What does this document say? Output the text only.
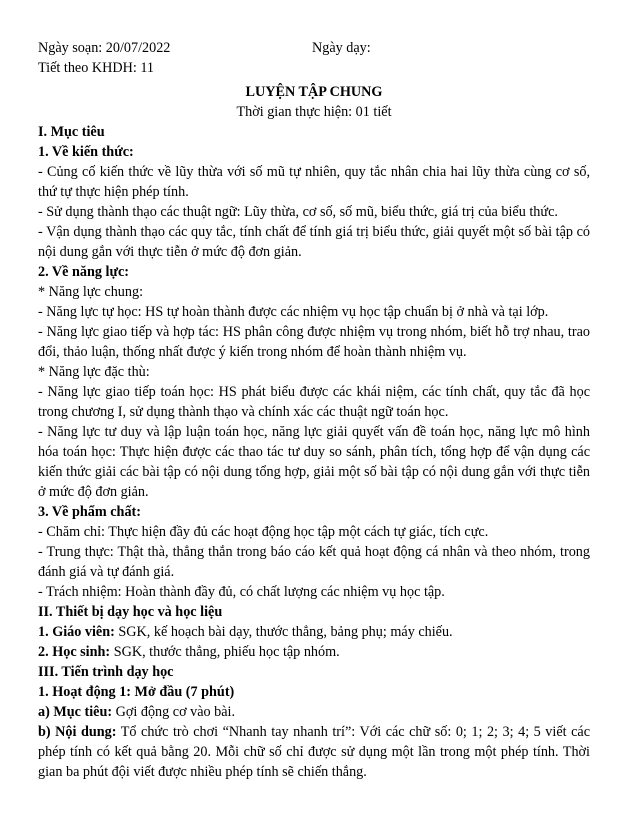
Ngày soạn: 20/07/2022	Ngày dạy:
Tiết theo KHDH: 11
LUYỆN TẬP CHUNG
Thời gian thực hiện: 01 tiết
I. Mục tiêu
1. Về kiến thức:

- Củng cố kiến thức về lũy thừa với số mũ tự nhiên, quy tắc nhân chia hai lũy thừa cùng cơ số, thứ tự thực hiện phép tính.

- Sử dụng thành thạo các thuật ngữ: Lũy thừa, cơ số, số mũ, biểu thức, giá trị của biểu thức.

- Vận dụng thành thạo các quy tắc, tính chất để tính giá trị biểu thức, giải quyết một số bài tập có nội dung gắn với thực tiễn ở mức độ đơn giản.

2. Về năng lực:

* Năng lực chung:

- Năng lực tự học: HS tự hoàn thành được các nhiệm vụ học tập chuẩn bị ở nhà và tại lớp.

- Năng lực giao tiếp và hợp tác: HS phân công được nhiệm vụ trong nhóm, biết hỗ trợ nhau, trao đổi, thảo luận, thống nhất được ý kiến trong nhóm để hoàn thành nhiệm vụ.

* Năng lực đặc thù:

- Năng lực giao tiếp toán học: HS phát biểu được các khái niệm, các tính chất, quy tắc đã học trong chương I, sử dụng thành thạo và chính xác các thuật ngữ toán học.

- Năng lực tư duy và lập luận toán học, năng lực giải quyết vấn đề toán học, năng lực mô hình hóa toán học: Thực hiện được các thao tác tư duy so sánh, phân tích, tổng hợp để vận dụng các kiến thức giải các bài tập có nội dung tổng hợp, giải một số bài tập có nội dung gắn với thực tiễn ở mức độ đơn giản.

3. Về phẩm chất:

- Chăm chỉ: Thực hiện đầy đủ các hoạt động học tập một cách tự giác, tích cực.

- Trung thực: Thật thà, thẳng thắn trong báo cáo kết quả hoạt động cá nhân và theo nhóm, trong đánh giá và tự đánh giá.

- Trách nhiệm: Hoàn thành đầy đủ, có chất lượng các nhiệm vụ học tập.

II. Thiết bị dạy học và học liệu

1. Giáo viên: SGK, kế hoạch bài dạy, thước thẳng, bảng phụ; máy chiếu.

2. Học sinh: SGK, thước thẳng, phiếu học tập nhóm.

III. Tiến trình dạy học
1. Hoạt động 1: Mở đầu (7 phút)

a) Mục tiêu: Gợi động cơ vào bài.

b) Nội dung: Tổ chức trò chơi “Nhanh tay nhanh trí”: Với các chữ số: 0; 1; 2; 3; 4; 5 viết các phép tính có kết quả bằng 20. Mỗi chữ số chỉ được sử dụng một lần trong một phép tính. Thời gian ba phút đội viết được nhiều phép tính sẽ chiến thắng.
